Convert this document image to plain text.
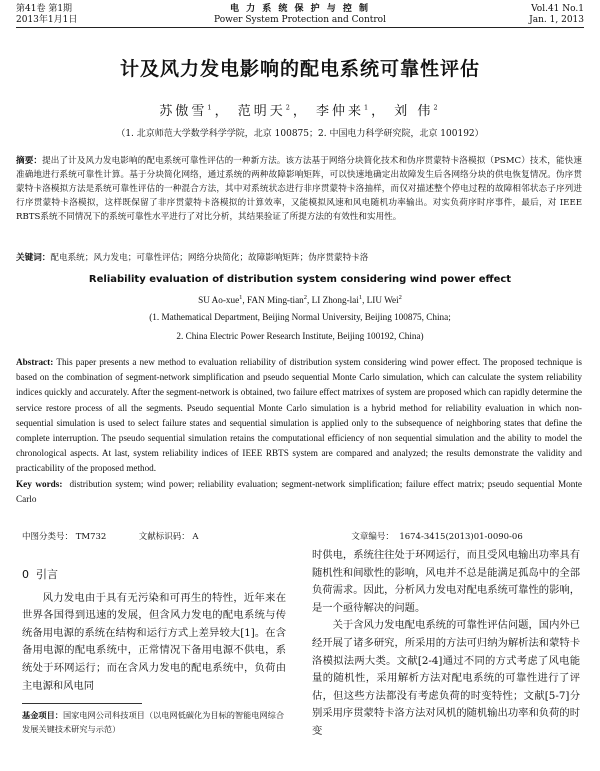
第41卷 第1期
2013年1月1日
电 力 系 统 保 护 与 控 制
Power System Protection and Control
Vol.41 No.1
Jan. 1, 2013
计及风力发电影响的配电系统可靠性评估
苏傲雪$^1$， 范明天$^2$， 李仲来$^1$， 刘 伟$^2$
（1. 北京师范大学数学科学学院，北京 100875；2. 中国电力科学研究院，北京 100192）
摘要：提出了计及风力发电影响的配电系统可靠性评估的一种新方法。该方法基于网络分块简化技术和伪序贯蒙特卡洛模拟（PSMC）技术，能快速准确地进行系统可靠性计算。基于分块简化网络，通过系统的两种故障影响矩阵，可以快速地确定出故障发生后各网络分块的供电恢复情况。伪序贯蒙特卡洛模拟方法是系统可靠性评估的一种混合方法，其中对系统状态进行非序贯蒙特卡洛抽样，而仅对描述整个停电过程的故障相邻状态子序列进行序贯蒙特卡洛模拟，这样既保留了非序贯蒙特卡洛模拟的计算效率，又能模拟风速和风电随机功率输出。对实负荷序时序事件，最后，对 IEEE RBTS系统不同情况下的系统可靠性水平进行了对比分析，其结果验证了所提方法的有效性和实用性。
关键词：配电系统；风力发电；可靠性评估；网络分块简化；故障影响矩阵；伪序贯蒙特卡洛
Reliability evaluation of distribution system considering wind power effect
SU Ao-xue$^1$, FAN Ming-tian$^2$, LI Zhong-lai$^1$, LIU Wei$^2$
(1. Mathematical Department, Beijing Normal University, Beijing 100875, China;
2. China Electric Power Research Institute, Beijing 100192, China)
Abstract: This paper presents a new method to evaluation reliability of distribution system considering wind power effect. The proposed technique is based on the combination of segment-network simplification and pseudo sequential Monte Carlo simulation, which can calculate the system reliability indices quickly and accurately. After the segment-network is obtained, two failure effect matrixes of system are proposed which can rapidly determine the service restore process of all the segments. Pseudo sequential Monte Carlo simulation is a hybrid method for reliability evaluation in which non-sequential simulation is used to select failure states and sequential simulation is applied only to the subsequence of neighboring states that define the complete interruption. The pseudo sequential simulation retains the computational efficiency of non sequential simulation and the ability to model the chronological aspects. At last, system reliability indices of IEEE RBTS system are compared and analyzed; the results demonstrate the validity and practicability of the proposed method.
Key words: distribution system; wind power; reliability evaluation; segment-network simplification; failure effect matrix; pseudo sequential Monte Carlo
中图分类号： TM732	文献标识码： A	文章编号： 1674-3415(2013)01-0090-06
0 引言
风力发电由于具有无污染和可再生的特性，近年来在世界各国得到迅速的发展，但含风力发电的配电系统与传统备用电源的系统在结构和运行方式上差异较大[1]。在含备用电源的配电系统中，正常情况下备用电源不供电，系统处于环网运行；而在含风力发电的配电系统中，负荷由主电源和风电同
时供电，系统往往处于环网运行，而且受风电输出功率具有随机性和间歇性的影响，风电并不总是能满足孤岛中的全部负荷需求。因此，分析风力发电对配电系统可靠性的影响，是一个亟待解决的问题。
关于含风力发电配电系统的可靠性评估问题，国内外已经开展了诸多研究，所采用的方法可归纳为解析法和蒙特卡洛模拟法两大类。文献[2-4]通过不同的方式考虑了风电能量的随机性，采用解析方法对配电系统的可靠性进行了评估，但这些方法都没有考虑负荷的时变特性；文献[5-7]分别采用序贯蒙特卡洛方法对风机的随机输出功率和负荷的时变
基金项目：国家电网公司科技项目（以电网低碳化为目标的智能电网综合发展关键技术研究与示范）
